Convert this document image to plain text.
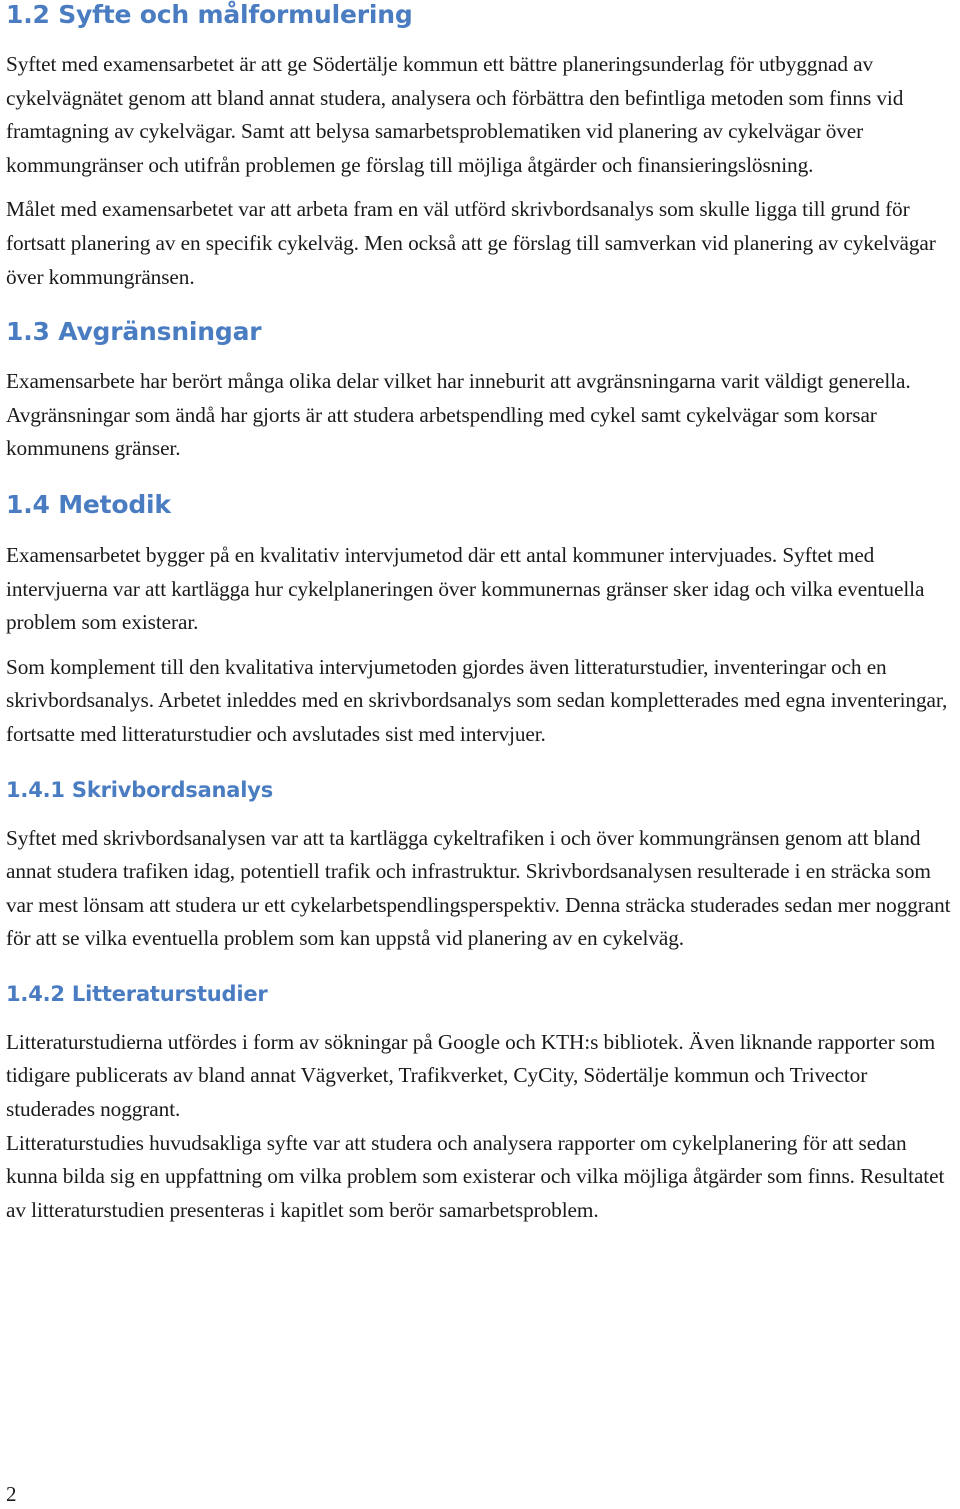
1.2 Syfte och målformulering

Syftet med examensarbetet är att ge Södertälje kommun ett bättre planeringsunderlag för utbyggnad av cykelvägnätet genom att bland annat studera, analysera och förbättra den befintliga metoden som finns vid framtagning av cykelvägar. Samt att belysa samarbetsproblematiken vid planering av cykelvägar över kommungränser och utifrån problemen ge förslag till möjliga åtgärder och finansieringslösning.

Målet med examensarbetet var att arbeta fram en väl utförd skrivbordsanalys som skulle ligga till grund för fortsatt planering av en specifik cykelväg. Men också att ge förslag till samverkan vid planering av cykelvägar över kommungränsen.

1.3 Avgränsningar

Examensarbete har berört många olika delar vilket har inneburit att avgränsningarna varit väldigt generella. Avgränsningar som ändå har gjorts är att studera arbetspendling med cykel samt cykelvägar som korsar kommunens gränser.

1.4 Metodik

Examensarbetet bygger på en kvalitativ intervjumetod där ett antal kommuner intervjuades. Syftet med intervjuerna var att kartlägga hur cykelplaneringen över kommunernas gränser sker idag och vilka eventuella problem som existerar.

Som komplement till den kvalitativa intervjumetoden gjordes även litteraturstudier, inventeringar och en skrivbordsanalys. Arbetet inleddes med en skrivbordsanalys som sedan kompletterades med egna inventeringar, fortsatte med litteraturstudier och avslutades sist med intervjuer.

1.4.1 Skrivbordsanalys

Syftet med skrivbordsanalysen var att ta kartlägga cykeltrafiken i och över kommungränsen genom att bland annat studera trafiken idag, potentiell trafik och infrastruktur. Skrivbordsanalysen resulterade i en sträcka som var mest lönsam att studera ur ett cykelarbetspendlingsperspektiv. Denna sträcka studerades sedan mer noggrant för att se vilka eventuella problem som kan uppstå vid planering av en cykelväg.

1.4.2 Litteraturstudier

Litteraturstudierna utfördes i form av sökningar på Google och KTH:s bibliotek. Även liknande rapporter som tidigare publicerats av bland annat Vägverket, Trafikverket, CyCity, Södertälje kommun och Trivector studerades noggrant.

Litteraturstudies huvudsakliga syfte var att studera och analysera rapporter om cykelplanering för att sedan kunna bilda sig en uppfattning om vilka problem som existerar och vilka möjliga åtgärder som finns. Resultatet av litteraturstudien presenteras i kapitlet som berör samarbetsproblem.

2
